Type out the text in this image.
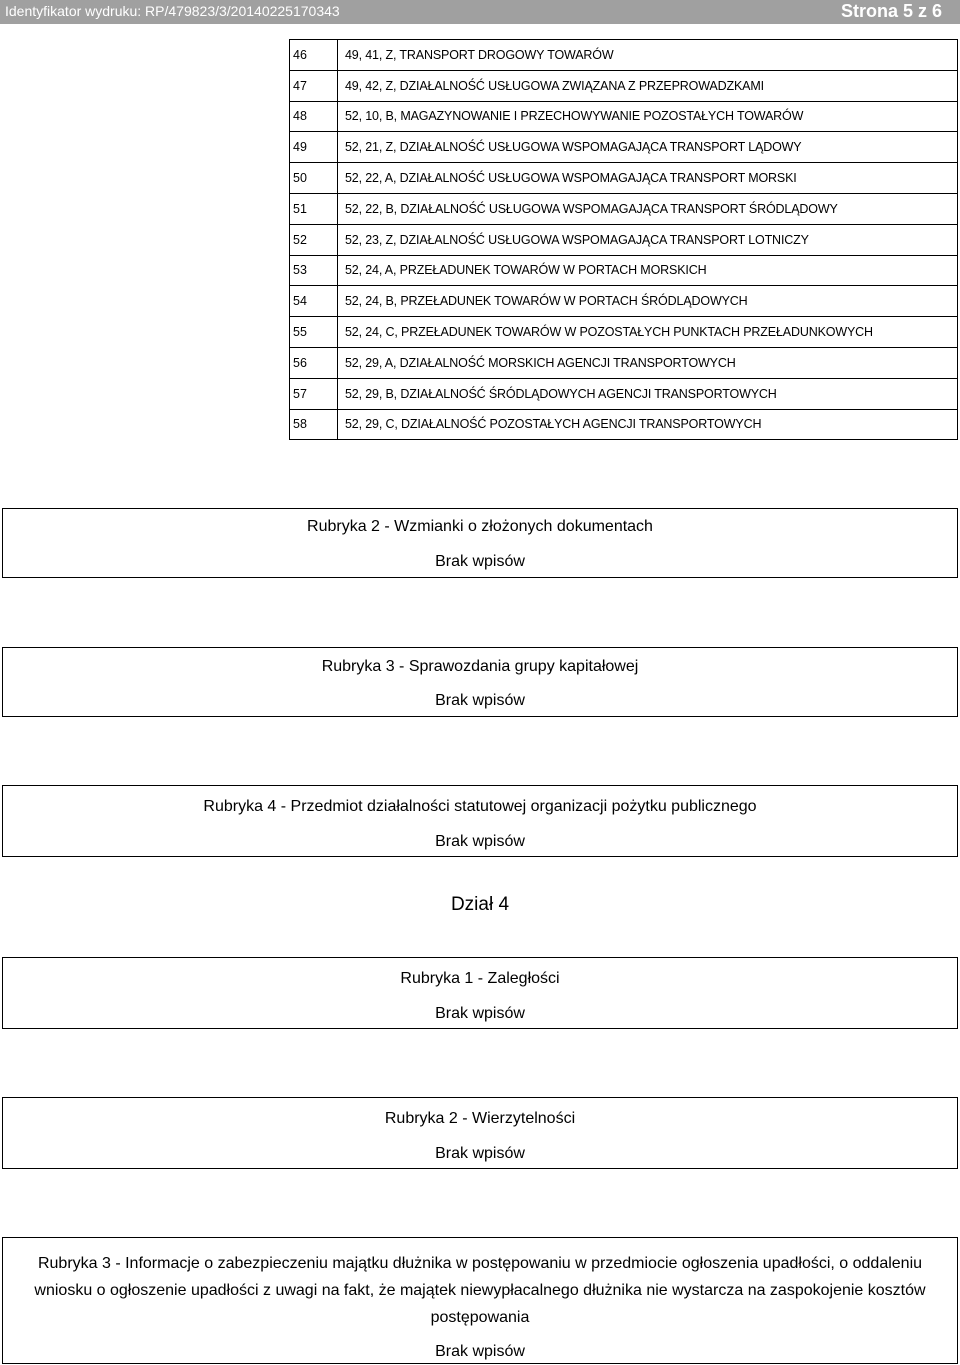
Identyfikator wydruku: RP/479823/3/20140225170343	Strona 5 z 6
46	49, 41, Z, TRANSPORT DROGOWY TOWARÓW
47	49, 42, Z, DZIAŁALNOŚĆ USŁUGOWA ZWIĄZANA Z PRZEPROWADZKAMI
48	52, 10, B, MAGAZYNOWANIE I PRZECHOWYWANIE POZOSTAŁYCH TOWARÓW
49	52, 21, Z, DZIAŁALNOŚĆ USŁUGOWA WSPOMAGAJĄCA TRANSPORT LĄDOWY
50	52, 22, A, DZIAŁALNOŚĆ USŁUGOWA WSPOMAGAJĄCA TRANSPORT MORSKI
51	52, 22, B, DZIAŁALNOŚĆ USŁUGOWA WSPOMAGAJĄCA TRANSPORT ŚRÓDLĄDOWY
52	52, 23, Z, DZIAŁALNOŚĆ USŁUGOWA WSPOMAGAJĄCA TRANSPORT LOTNICZY
53	52, 24, A, PRZEŁADUNEK TOWARÓW W PORTACH MORSKICH
54	52, 24, B, PRZEŁADUNEK TOWARÓW W PORTACH ŚRÓDLĄDOWYCH
55	52, 24, C, PRZEŁADUNEK TOWARÓW W POZOSTAŁYCH PUNKTACH PRZEŁADUNKOWYCH
56	52, 29, A, DZIAŁALNOŚĆ MORSKICH AGENCJI TRANSPORTOWYCH
57	52, 29, B, DZIAŁALNOŚĆ ŚRÓDLĄDOWYCH AGENCJI TRANSPORTOWYCH
58	52, 29, C, DZIAŁALNOŚĆ POZOSTAŁYCH AGENCJI TRANSPORTOWYCH
Rubryka 2 - Wzmianki o złożonych dokumentach
Brak wpisów
Rubryka 3 - Sprawozdania grupy kapitałowej
Brak wpisów
Rubryka 4 - Przedmiot działalności statutowej organizacji pożytku publicznego
Brak wpisów
Dział 4
Rubryka 1 - Zaległości
Brak wpisów
Rubryka 2 - Wierzytelności
Brak wpisów
Rubryka 3 - Informacje o zabezpieczeniu majątku dłużnika w postępowaniu w przedmiocie ogłoszenia upadłości, o oddaleniu wniosku o ogłoszenie upadłości z uwagi na fakt, że majątek niewypłacalnego dłużnika nie wystarcza na zaspokojenie kosztów postępowania
Brak wpisów
